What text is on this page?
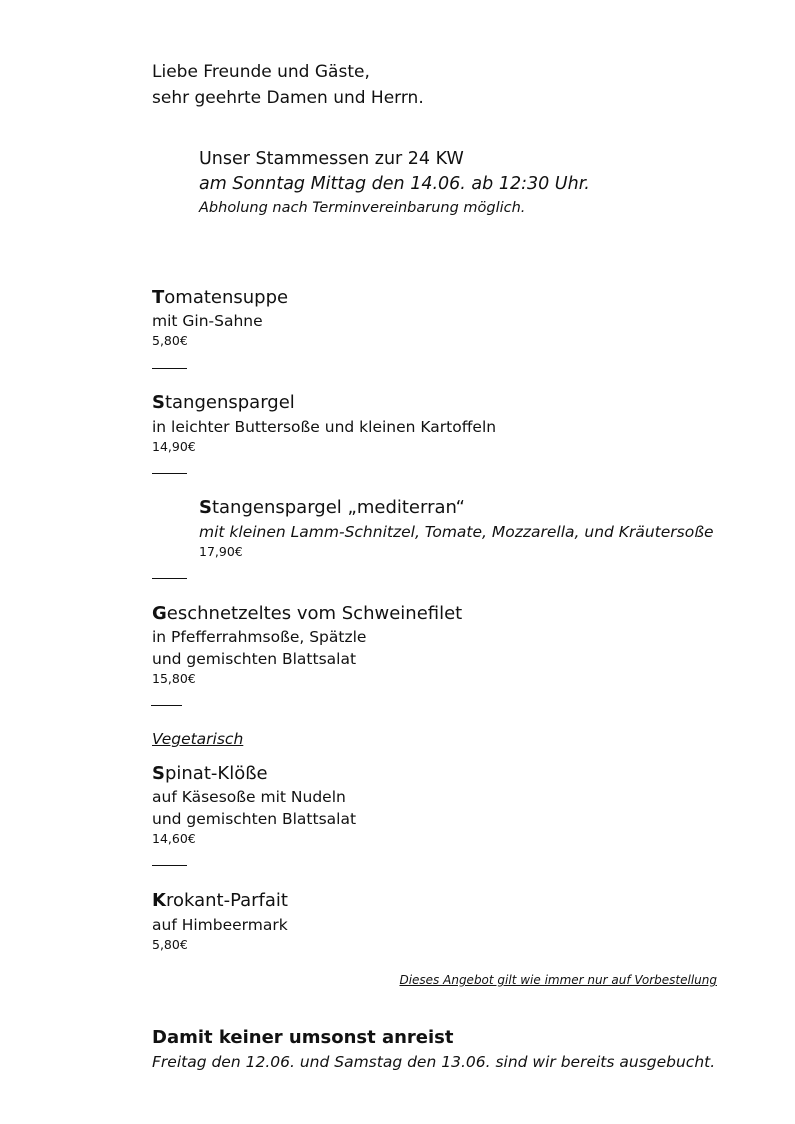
Liebe Freunde und Gäste,
sehr geehrte Damen und Herrn.
Unser Stammessen zur 24 KW
am Sonntag Mittag den 14.06. ab 12:30 Uhr.
Abholung nach Terminvereinbarung möglich.
Tomatensuppe
mit Gin-Sahne
5,80€
Stangenspargel
in leichter Buttersoße und kleinen Kartoffeln
14,90€
Stangenspargel „mediterran“
mit kleinen Lamm-Schnitzel, Tomate, Mozzarella, und Kräutersoße
17,90€
Geschnetzeltes vom Schweinefilet
in Pfefferrahmsoße, Spätzle
und gemischten Blattsalat
15,80€
Vegetarisch
Spinat-Klöße
auf Käsesoße mit Nudeln
und gemischten Blattsalat
14,60€
Krokant-Parfait
auf Himbeermark
5,80€
Dieses Angebot gilt wie immer nur auf Vorbestellung
Damit keiner umsonst anreist
Freitag den 12.06. und Samstag den 13.06. sind wir bereits ausgebucht.
